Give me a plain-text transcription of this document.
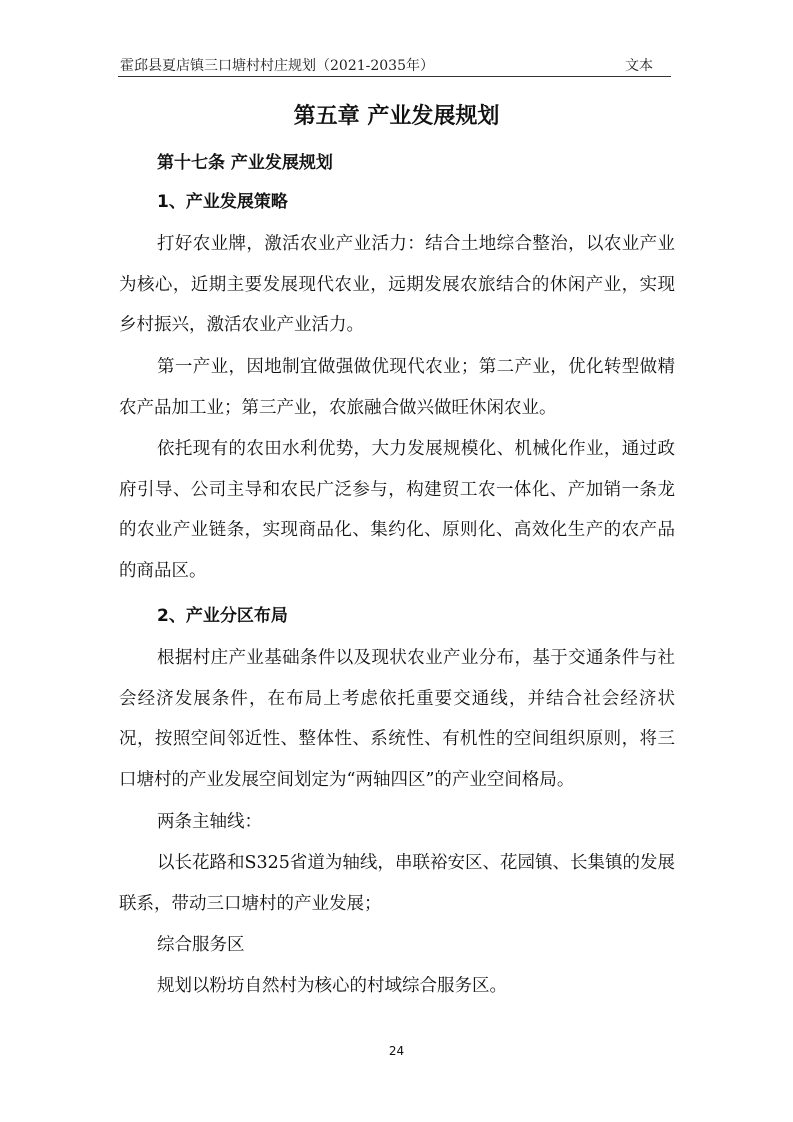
霍邱县夏店镇三口塘村村庄规划（2021-2035年）	文本
第五章 产业发展规划
第十七条 产业发展规划
1、产业发展策略
打好农业牌，激活农业产业活力：结合土地综合整治，以农业产业为核心，近期主要发展现代农业，远期发展农旅结合的休闲产业，实现乡村振兴，激活农业产业活力。
第一产业，因地制宜做强做优现代农业；第二产业，优化转型做精农产品加工业；第三产业，农旅融合做兴做旺休闲农业。
依托现有的农田水利优势，大力发展规模化、机械化作业，通过政府引导、公司主导和农民广泛参与，构建贸工农一体化、产加销一条龙的农业产业链条，实现商品化、集约化、原则化、高效化生产的农产品的商品区。
2、产业分区布局
根据村庄产业基础条件以及现状农业产业分布，基于交通条件与社会经济发展条件，在布局上考虑依托重要交通线，并结合社会经济状况，按照空间邻近性、整体性、系统性、有机性的空间组织原则，将三口塘村的产业发展空间划定为“两轴四区”的产业空间格局。
两条主轴线：
以长花路和S325省道为轴线，串联裕安区、花园镇、长集镇的发展联系，带动三口塘村的产业发展；
综合服务区
规划以粉坊自然村为核心的村域综合服务区。
24
